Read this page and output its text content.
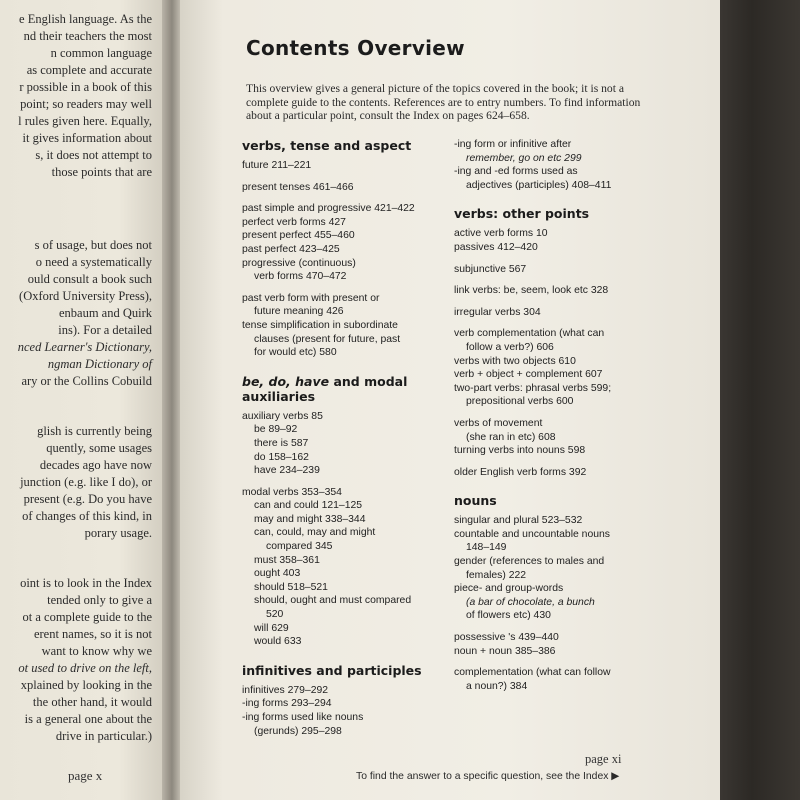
e English language. As the
nd their teachers the most
n common language
as complete and accurate
r possible in a book of this
point; so readers may well
l rules given here. Equally,
it gives information about
s, it does not attempt to
those points that are
s of usage, but does not
o need a systematically
ould consult a book such
(Oxford University Press),
enbaum and Quirk
ins). For a detailed
nced Learner's Dictionary,
ngman Dictionary of
ary or the Collins Cobuild
glish is currently being
quently, some usages
decades ago have now
junction (e.g. like I do), or
present (e.g. Do you have
of changes of this kind, in
porary usage.
oint is to look in the Index
tended only to give a
ot a complete guide to the
erent names, so it is not
want to know why we
ot used to drive on the left,
xplained by looking in the
the other hand, it would
is a general one about the
drive in particular.)
page x
Contents Overview
This overview gives a general picture of the topics covered in the book; it is not a complete guide to the contents. References are to entry numbers. To find information about a particular point, consult the Index on pages 624–658.
verbs, tense and aspect
future 211–221
present tenses 461–466
past simple and progressive 421–422
perfect verb forms 427
present perfect 455–460
past perfect 423–425
progressive (continuous)
verb forms 470–472
past verb form with present or
future meaning 426
tense simplification in subordinate
clauses (present for future, past
for would etc) 580
be, do, have and modal auxiliaries
auxiliary verbs 85
be 89–92
there is 587
do 158–162
have 234–239
modal verbs 353–354
can and could 121–125
may and might 338–344
can, could, may and might
compared 345
must 358–361
ought 403
should 518–521
should, ought and must compared
520
will 629
would 633
infinitives and participles
infinitives 279–292
-ing forms 293–294
-ing forms used like nouns
(gerunds) 295–298
-ing form or infinitive after
remember, go on etc 299
-ing and -ed forms used as
adjectives (participles) 408–411
verbs: other points
active verb forms 10
passives 412–420
subjunctive 567
link verbs: be, seem, look etc 328
irregular verbs 304
verb complementation (what can
follow a verb?) 606
verbs with two objects 610
verb + object + complement 607
two-part verbs: phrasal verbs 599;
prepositional verbs 600
verbs of movement
(she ran in etc) 608
turning verbs into nouns 598
older English verb forms 392
nouns
singular and plural 523–532
countable and uncountable nouns
148–149
gender (references to males and
females) 222
piece- and group-words
(a bar of chocolate, a bunch
of flowers etc) 430
possessive 's 439–440
noun + noun 385–386
complementation (what can follow
a noun?) 384
page xi
To find the answer to a specific question, see the Index ▶
